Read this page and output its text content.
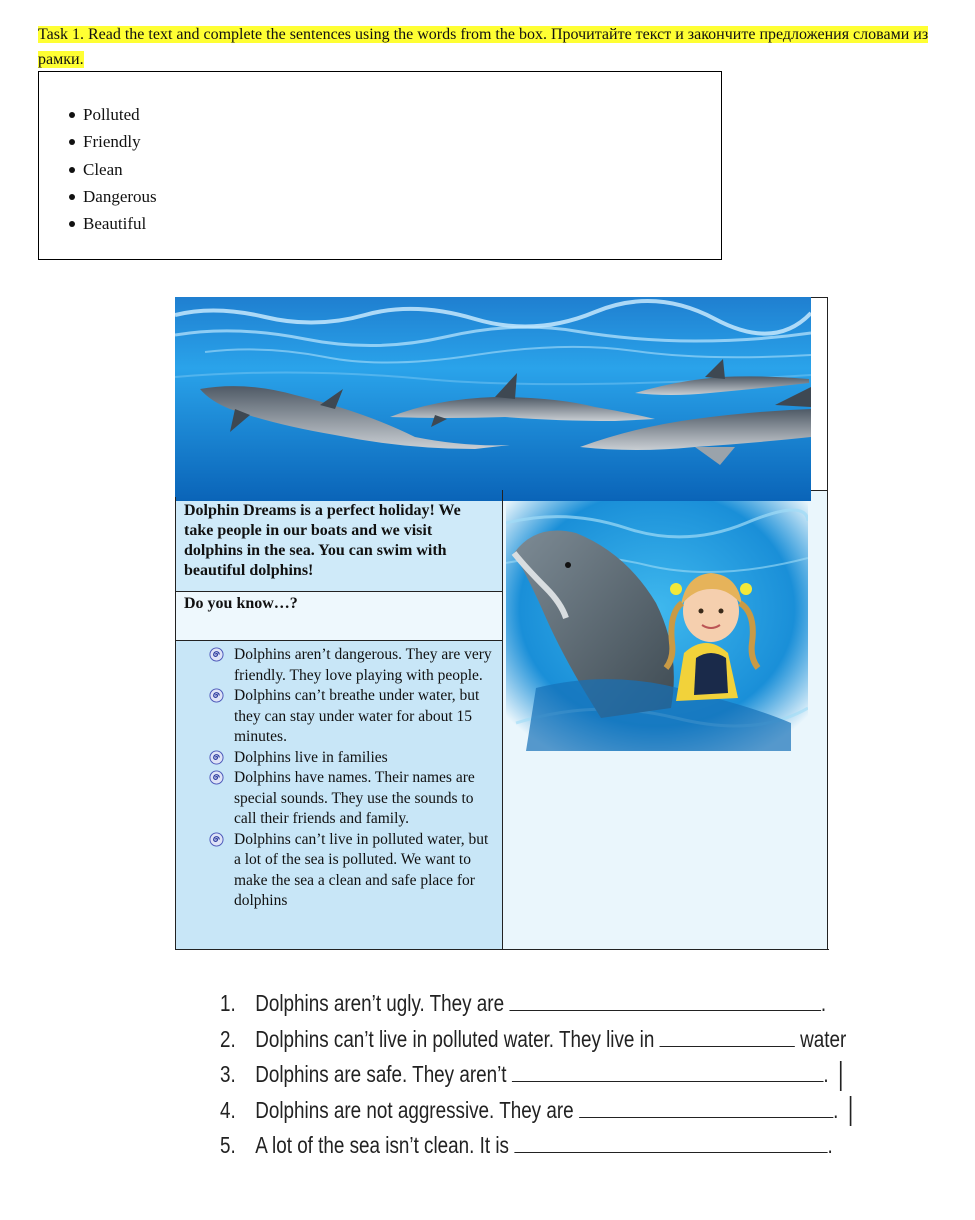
Task 1. Read the text and complete the sentences using the words from the box. Прочитайте текст и закончите предложения словами из рамки.
Polluted
Friendly
Clean
Dangerous
Beautiful

Dolphin Dreams is a perfect holiday! We take people in our boats and we visit dolphins in the sea. You can swim with beautiful dolphins!

Do you know…?

Dolphins aren’t dangerous. They are very friendly. They love playing with people.
Dolphins can’t breathe under water, but they can stay under water for about 15 minutes.
Dolphins live in families
Dolphins have names. Their names are special sounds. They use the sounds to call their friends and family.
Dolphins can’t live in polluted water, but a lot of the sea is polluted. We want to make the sea a clean and safe place for dolphins
1. Dolphins aren’t ugly. They are	.
2. Dolphins can’t live in polluted water. They live in	water
3. Dolphins are safe. They aren’t	.
4. Dolphins are not aggressive. They are	.
5. A lot of the sea isn’t clean. It is	.
